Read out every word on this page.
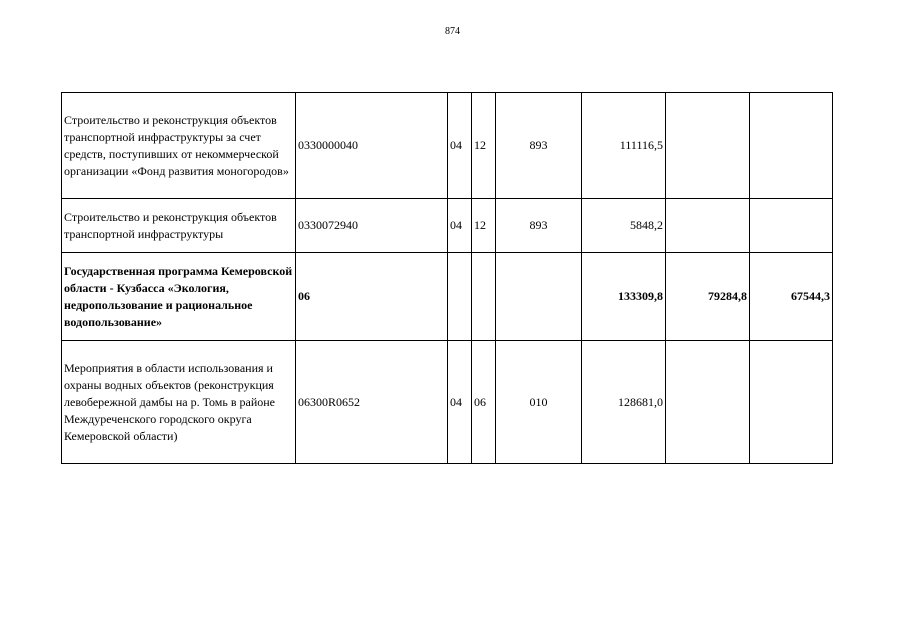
874
Строительство и реконструкция объектов транспортной инфраструктуры за счет средств, поступивших от некоммерческой организации «Фонд развития моногородов»	0330000040	04	12	893	111116,5		
Строительство и реконструкция объектов транспортной инфраструктуры	0330072940	04	12	893	5848,2		
Государственная программа Кемеровской области - Кузбасса «Экология, недропользование и рациональное водопользование»	06				133309,8	79284,8	67544,3
Мероприятия в области использования и охраны водных объектов (реконструкция левобережной дамбы на р. Томь в районе Междуреченского городского округа Кемеровской области)	06300R0652	04	06	010	128681,0		
